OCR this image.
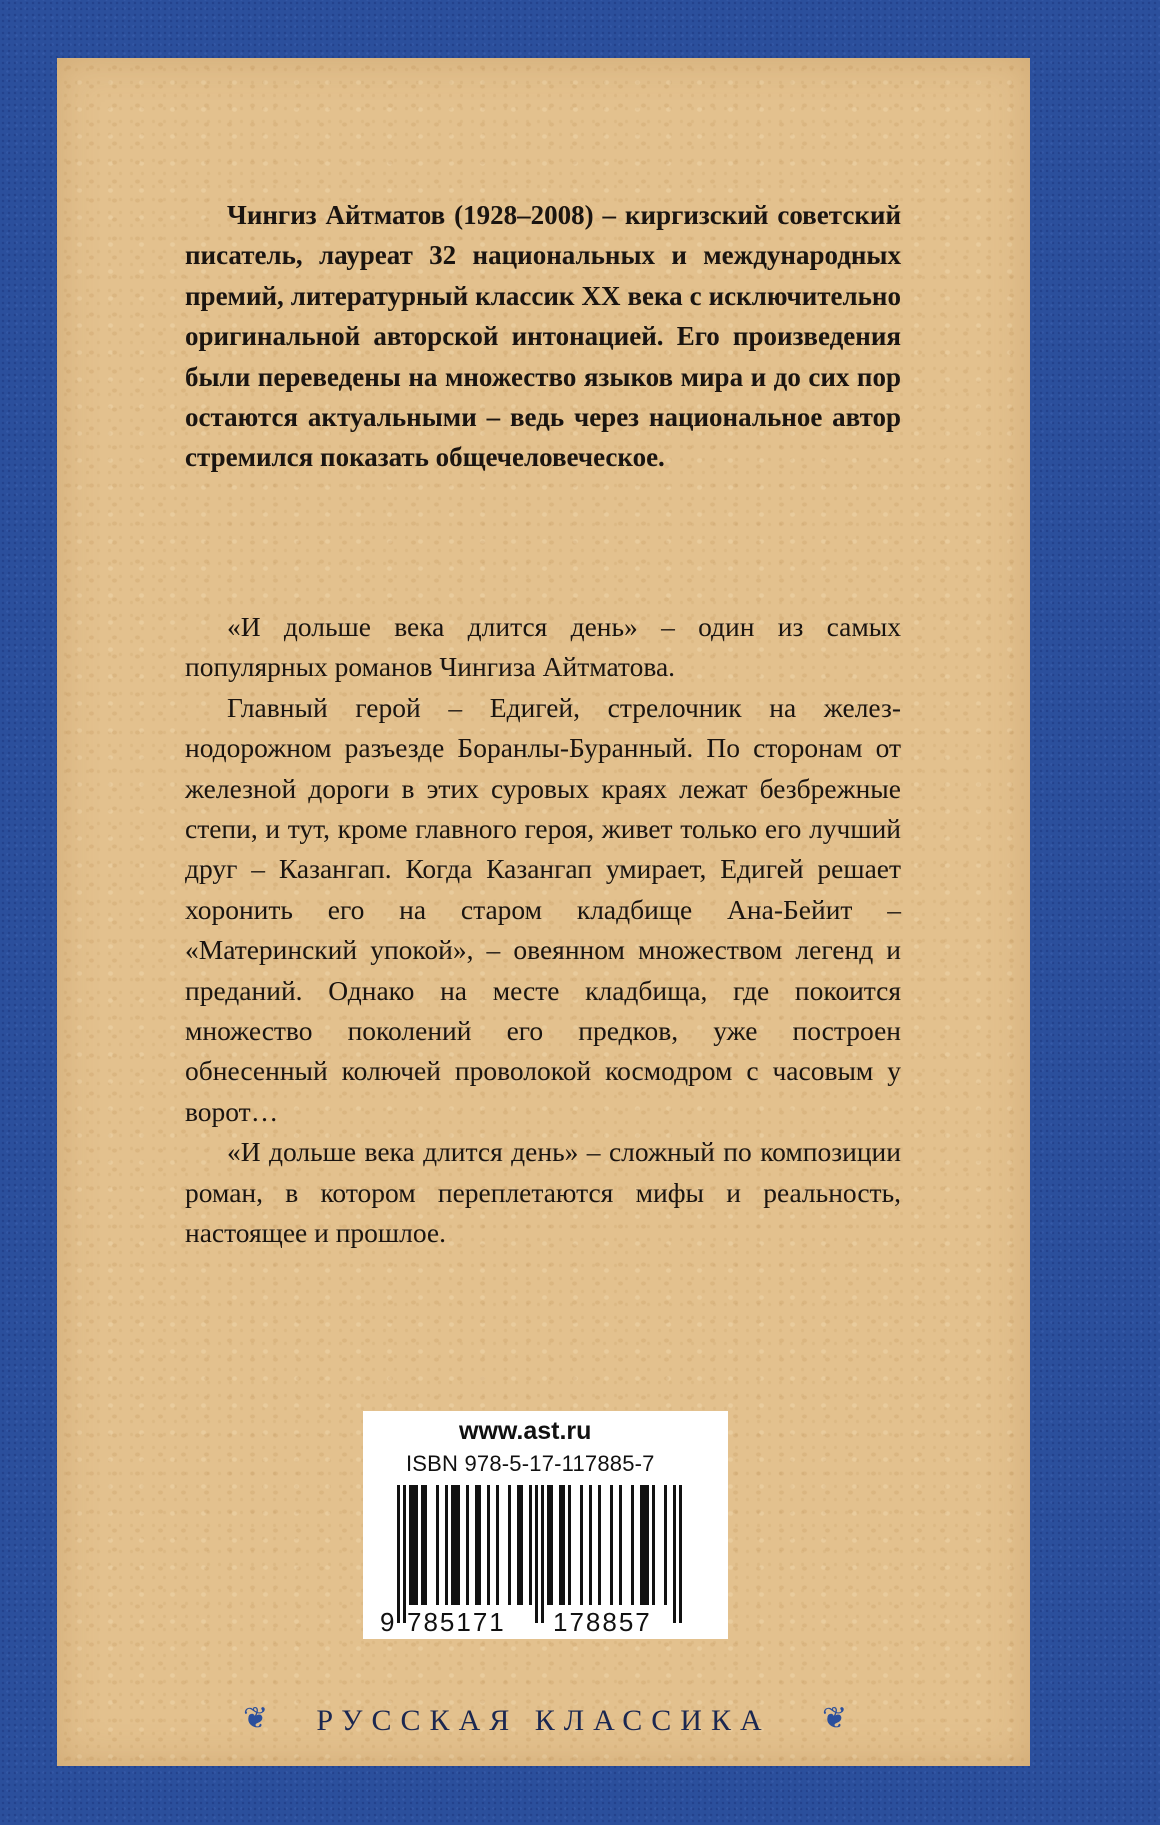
Чингиз Айтматов (1928–2008) – киргизский советский писатель, лауреат 32 национальных и международных премий, литературный классик XX века с исключительно оригинальной авторской интонацией. Его произведения были переведены на множество языков мира и до сих пор остаются актуальными – ведь через национальное автор стремился показать общечеловеческое.

«И дольше века длится день» – один из самых популярных романов Чингиза Айтматова.

Главный герой – Едигей, стрелочник на железнодорожном разъезде Боранлы-Буранный. По сторонам от железной дороги в этих суровых краях лежат безбрежные степи, и тут, кроме главного героя, живет только его лучший друг – Казангап. Когда Казангап умирает, Едигей решает хоронить его на старом кладбище Ана-Бейит – «Материнский упокой», – овеянном множеством легенд и преданий. Однако на месте кладбища, где покоится множество поколений его предков, уже построен обнесенный колючей проволокой космодром с часовым у ворот…

«И дольше века длится день» – сложный по композиции роман, в котором переплетаются мифы и реальность, настоящее и прошлое.

www.ast.ru
ISBN 978-5-17-117885-7
9 785171 178857
❦ РУССКАЯ КЛАССИКА ❦
